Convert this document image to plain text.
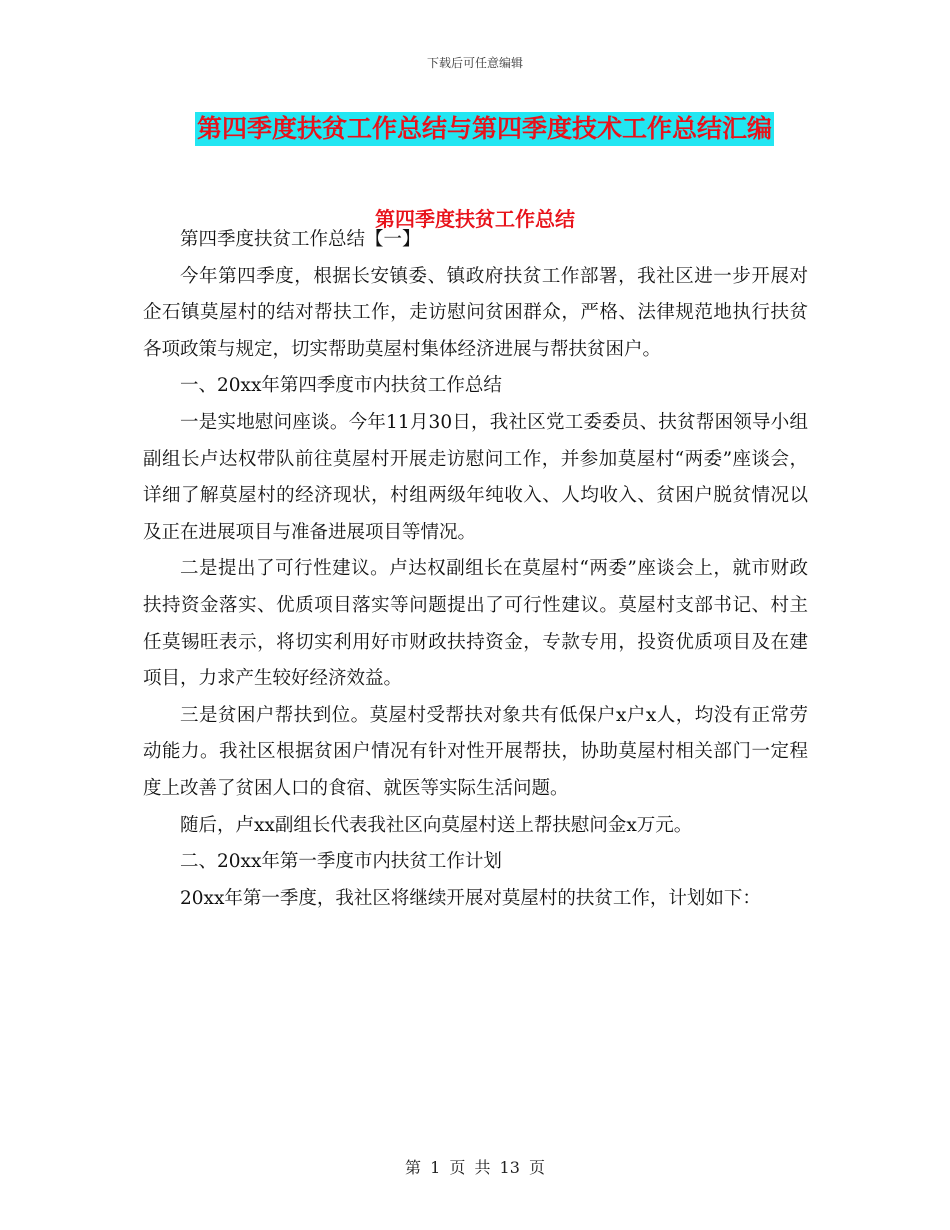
下载后可任意编辑
第四季度扶贫工作总结与第四季度技术工作总结汇编
第四季度扶贫工作总结

第四季度扶贫工作总结【一】

今年第四季度，根据长安镇委、镇政府扶贫工作部署，我社区进一步开展对企石镇莫屋村的结对帮扶工作，走访慰问贫困群众，严格、法律规范地执行扶贫各项政策与规定，切实帮助莫屋村集体经济进展与帮扶贫困户。

一、20xx年第四季度市内扶贫工作总结

一是实地慰问座谈。今年11月30日，我社区党工委委员、扶贫帮困领导小组副组长卢达权带队前往莫屋村开展走访慰问工作，并参加莫屋村“两委”座谈会，详细了解莫屋村的经济现状，村组两级年纯收入、人均收入、贫困户脱贫情况以及正在进展项目与准备进展项目等情况。

二是提出了可行性建议。卢达权副组长在莫屋村“两委”座谈会上，就市财政扶持资金落实、优质项目落实等问题提出了可行性建议。莫屋村支部书记、村主任莫锡旺表示，将切实利用好市财政扶持资金，专款专用，投资优质项目及在建项目，力求产生较好经济效益。

三是贫困户帮扶到位。莫屋村受帮扶对象共有低保户x户x人，均没有正常劳动能力。我社区根据贫困户情况有针对性开展帮扶，协助莫屋村相关部门一定程度上改善了贫困人口的食宿、就医等实际生活问题。

随后，卢xx副组长代表我社区向莫屋村送上帮扶慰问金x万元。

二、20xx年第一季度市内扶贫工作计划

20xx年第一季度，我社区将继续开展对莫屋村的扶贫工作，计划如下：

第 1 页 共 13 页
